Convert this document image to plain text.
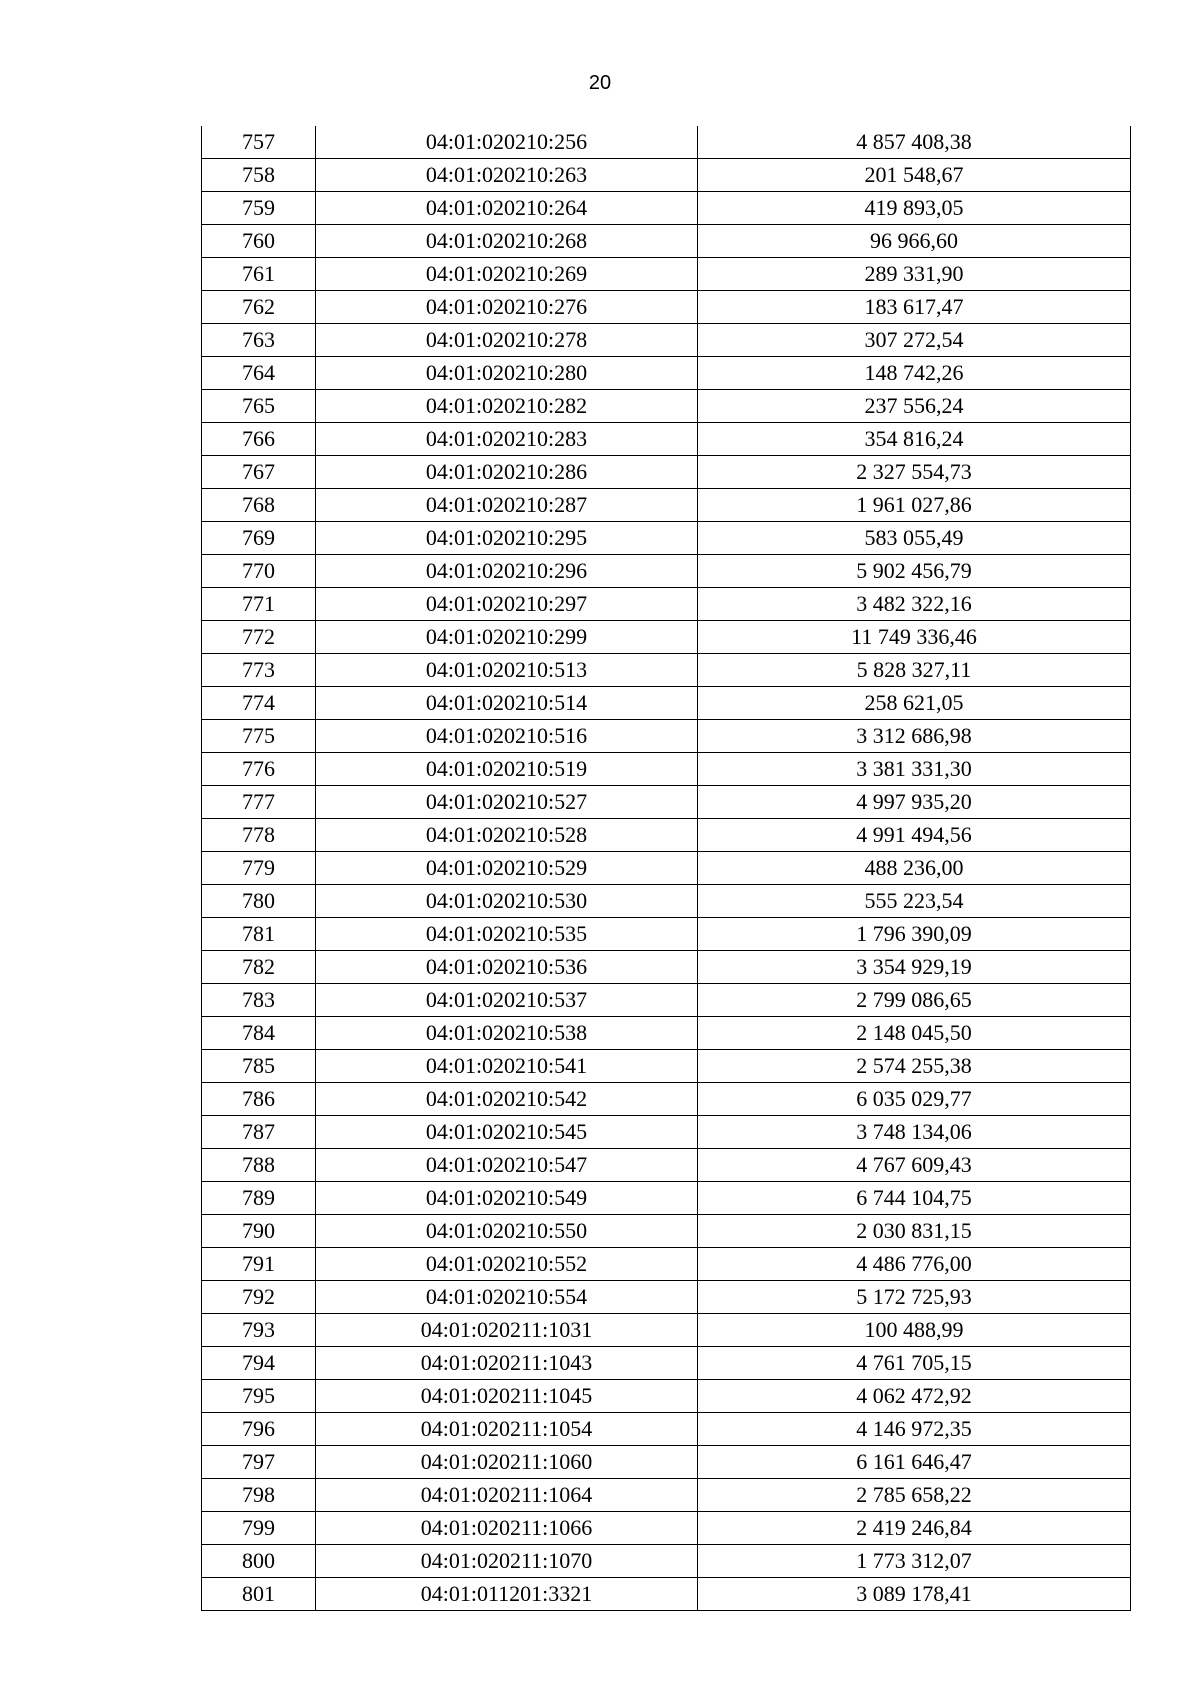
20
757	04:01:020210:256	4 857 408,38
758	04:01:020210:263	201 548,67
759	04:01:020210:264	419 893,05
760	04:01:020210:268	96 966,60
761	04:01:020210:269	289 331,90
762	04:01:020210:276	183 617,47
763	04:01:020210:278	307 272,54
764	04:01:020210:280	148 742,26
765	04:01:020210:282	237 556,24
766	04:01:020210:283	354 816,24
767	04:01:020210:286	2 327 554,73
768	04:01:020210:287	1 961 027,86
769	04:01:020210:295	583 055,49
770	04:01:020210:296	5 902 456,79
771	04:01:020210:297	3 482 322,16
772	04:01:020210:299	11 749 336,46
773	04:01:020210:513	5 828 327,11
774	04:01:020210:514	258 621,05
775	04:01:020210:516	3 312 686,98
776	04:01:020210:519	3 381 331,30
777	04:01:020210:527	4 997 935,20
778	04:01:020210:528	4 991 494,56
779	04:01:020210:529	488 236,00
780	04:01:020210:530	555 223,54
781	04:01:020210:535	1 796 390,09
782	04:01:020210:536	3 354 929,19
783	04:01:020210:537	2 799 086,65
784	04:01:020210:538	2 148 045,50
785	04:01:020210:541	2 574 255,38
786	04:01:020210:542	6 035 029,77
787	04:01:020210:545	3 748 134,06
788	04:01:020210:547	4 767 609,43
789	04:01:020210:549	6 744 104,75
790	04:01:020210:550	2 030 831,15
791	04:01:020210:552	4 486 776,00
792	04:01:020210:554	5 172 725,93
793	04:01:020211:1031	100 488,99
794	04:01:020211:1043	4 761 705,15
795	04:01:020211:1045	4 062 472,92
796	04:01:020211:1054	4 146 972,35
797	04:01:020211:1060	6 161 646,47
798	04:01:020211:1064	2 785 658,22
799	04:01:020211:1066	2 419 246,84
800	04:01:020211:1070	1 773 312,07
801	04:01:011201:3321	3 089 178,41
